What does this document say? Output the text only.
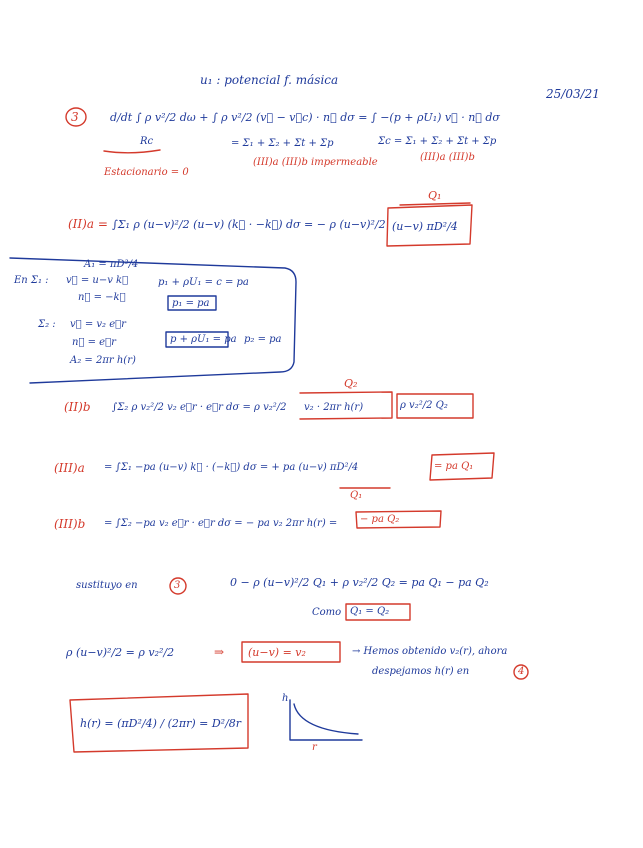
u₁ : potencial f. másica
25/03/21
3	d/dt ∫ ρ v²/2 dω + ∫ ρ v²/2 (v⃗ − v⃗c) · n⃗ dσ = ∫ −(p + ρU₁) v⃗ · n⃗ dσ
Rc	= Σ₁ + Σ₂ + Σt + Σp	Σc = Σ₁ + Σ₂ + Σt + Σp
Estacionario = 0
(III)a (III)b impermeable	(III)a (III)b
(II)a = ∫Σ₁ ρ (u−v)²/2 (u−v) (k⃗ · −k⃗) dσ = − ρ (u−v)²/2 (u−v) πD²/4
Q₁
En Σ₁ : v⃗ = u−v k⃗
A₁ = πD²/4
n⃗ = −k⃗
p₁ + ρU₁ = c = pa
p₁ = pa
Σ₂ : v⃗ = v₂ e⃗r
n⃗ = e⃗r
A₂ = 2πr h(r)
p + ρU₁ = pa p₂ = pa
(II)b ∫Σ₂ ρ v₂²/2 v₂ e⃗r · e⃗r dσ = ρ v₂²/2 v₂ · 2πr h(r)	ρ v₂²/2 Q₂
Q₂
(III)a = ∫Σ₁ −pa (u−v) k⃗ · (−k⃗) dσ = + pa (u−v) πD²/4	= pa Q₁
Q₁
(III)b = ∫Σ₂ −pa v₂ e⃗r · e⃗r dσ = − pa v₂ 2πr h(r) = − pa Q₂
sustituyo en	3	0 − ρ (u−v)²/2 Q₁ + ρ v₂²/2 Q₂ = pa Q₁ − pa Q₂
Como Q₁ = Q₂
ρ (u−v)²/2 = ρ v₂²/2	⇒ (u−v) = v₂	→ Hemos obtenido v₂(r), ahora
despejamos h(r) en	4
h(r) = (πD²/4) / (2πr) = D²/8r
h
r
